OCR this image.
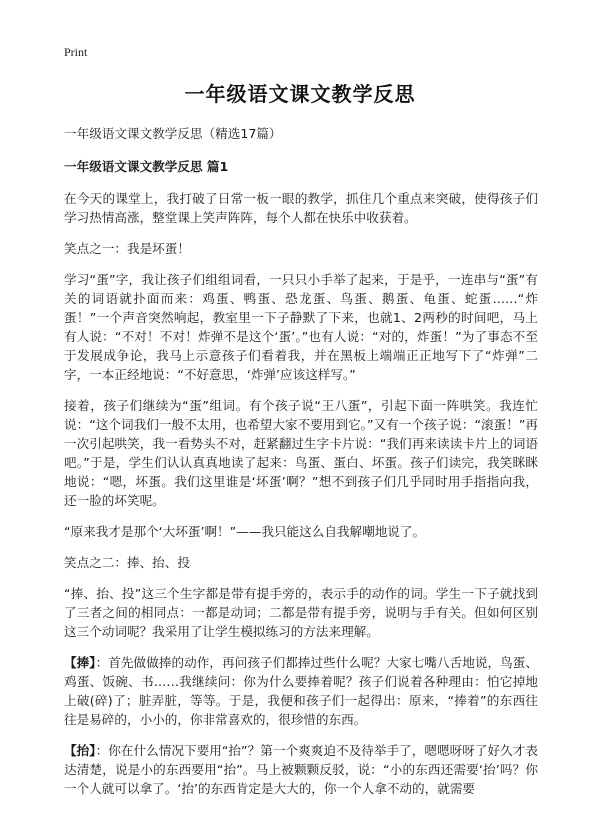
Print
一年级语文课文教学反思

一年级语文课文教学反思（精选17篇）

一年级语文课文教学反思 篇1

在今天的课堂上，我打破了日常一板一眼的教学，抓住几个重点来突破，使得孩子们学习热情高涨，整堂课上笑声阵阵，每个人都在快乐中收获着。

笑点之一：我是坏蛋！

学习“蛋”字，我让孩子们组组词看，一只只小手举了起来，于是乎，一连串与“蛋”有关的词语就扑面而来：鸡蛋、鸭蛋、恐龙蛋、鸟蛋、鹅蛋、龟蛋、蛇蛋……“炸蛋！”一个声音突然响起，教室里一下子静默了下来，也就1、2两秒的时间吧，马上有人说：“不对！不对！炸弹不是这个‘蛋’。”也有人说：“对的，炸蛋！”为了事态不至于发展成争论，我马上示意孩子们看着我，并在黑板上端端正正地写下了“炸弹”二字，一本正经地说：“不好意思，‘炸弹’应该这样写。”

接着，孩子们继续为“蛋”组词。有个孩子说“王八蛋”，引起下面一阵哄笑。我连忙说：“这个词我们一般不太用，也希望大家不要用到它。”又有一个孩子说：“滚蛋！”再一次引起哄笑，我一看势头不对，赶紧翻过生字卡片说：“我们再来读读卡片上的词语吧。”于是，学生们认认真真地读了起来：鸟蛋、蛋白、坏蛋。孩子们读完，我笑眯眯地说：“嗯，坏蛋。我们这里谁是‘坏蛋’啊？”想不到孩子们几乎同时用手指指向我，还一脸的坏笑呢。

“原来我才是那个‘大坏蛋’啊！”——我只能这么自我解嘲地说了。

笑点之二：捧、抬、投

“捧、抬、投”这三个生字都是带有提手旁的，表示手的动作的词。学生一下子就找到了三者之间的相同点：一都是动词；二都是带有提手旁，说明与手有关。但如何区别这三个动词呢？我采用了让学生模拟练习的方法来理解。

【捧】：首先做做捧的动作，再问孩子们都捧过些什么呢？大家七嘴八舌地说，鸟蛋、鸡蛋、饭碗、书……我继续问：你为什么要捧着呢？孩子们说着各种理由：怕它掉地上破(碎)了；脏弄脏，等等。于是，我便和孩子们一起得出：原来，“捧着”的东西往往是易碎的，小小的，你非常喜欢的，很珍惜的东西。

【抬】：你在什么情况下要用“抬”？第一个爽爽迫不及待举手了，嗯嗯呀呀了好久才表达清楚，说是小的东西要用“抬”。马上被颗颗反驳，说：“小的东西还需要‘抬’吗？你一个人就可以拿了。‘抬’的东西肯定是大大的，你一个人拿不动的，就需要
